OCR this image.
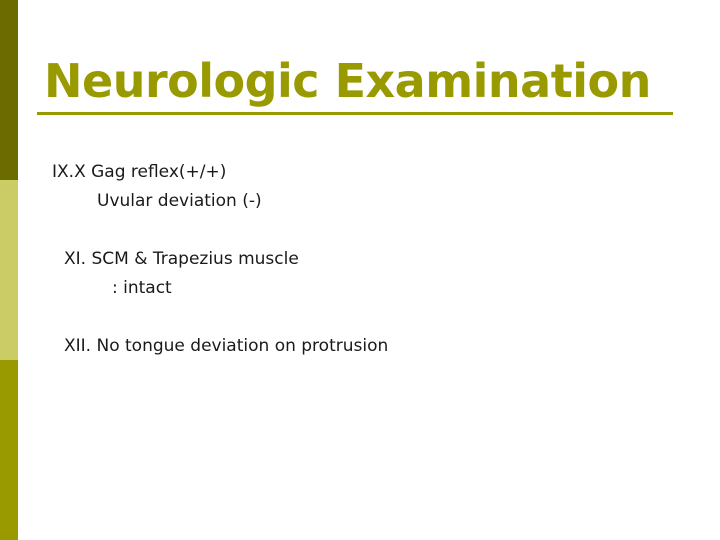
Neurologic Examination
IX.X Gag reflex(+/+)
Uvular deviation (-)
XI. SCM & Trapezius muscle
: intact
XII. No tongue deviation on protrusion
